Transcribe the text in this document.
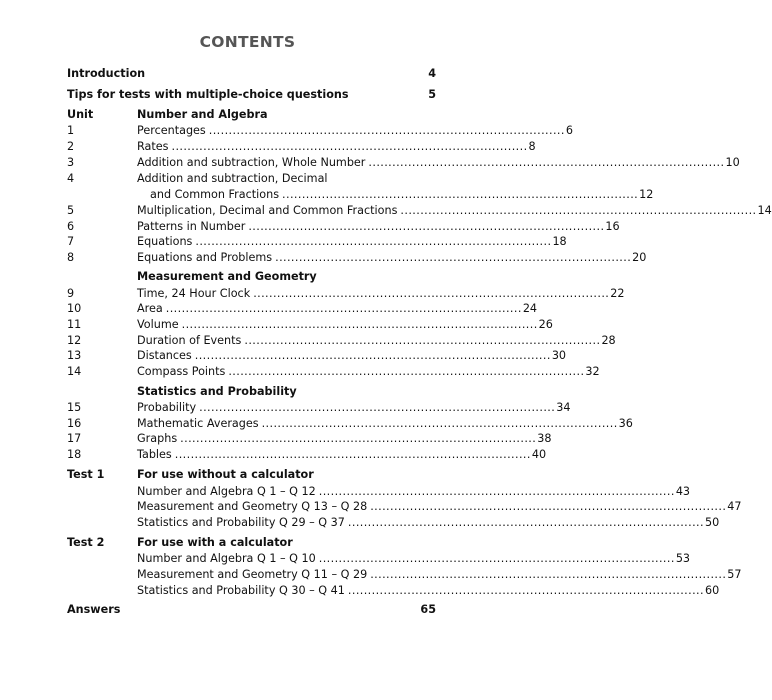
CONTENTS
Introduction	4
Tips for tests with multiple-choice questions	5
Unit	Number and Algebra
1	Percentages .......................................................................................... 6
2	Rates .......................................................................................... 8
3	Addition and subtraction, Whole Number .......................................................................................... 10
4	Addition and subtraction, Decimal
and Common Fractions .......................................................................................... 12
5	Multiplication, Decimal and Common Fractions .......................................................................................... 14
6	Patterns in Number .......................................................................................... 16
7	Equations .......................................................................................... 18
8	Equations and Problems .......................................................................................... 20
Measurement and Geometry
9	Time, 24 Hour Clock .......................................................................................... 22
10	Area .......................................................................................... 24
11	Volume .......................................................................................... 26
12	Duration of Events .......................................................................................... 28
13	Distances .......................................................................................... 30
14	Compass Points .......................................................................................... 32
Statistics and Probability
15	Probability .......................................................................................... 34
16	Mathematic Averages .......................................................................................... 36
17	Graphs .......................................................................................... 38
18	Tables .......................................................................................... 40
Test 1	For use without a calculator
Number and Algebra Q 1 – Q 12 .......................................................................................... 43
Measurement and Geometry Q 13 – Q 28 .......................................................................................... 47
Statistics and Probability Q 29 – Q 37 .......................................................................................... 50
Test 2	For use with a calculator
Number and Algebra Q 1 – Q 10 .......................................................................................... 53
Measurement and Geometry Q 11 – Q 29 .......................................................................................... 57
Statistics and Probability Q 30 – Q 41 .......................................................................................... 60
Answers	65
